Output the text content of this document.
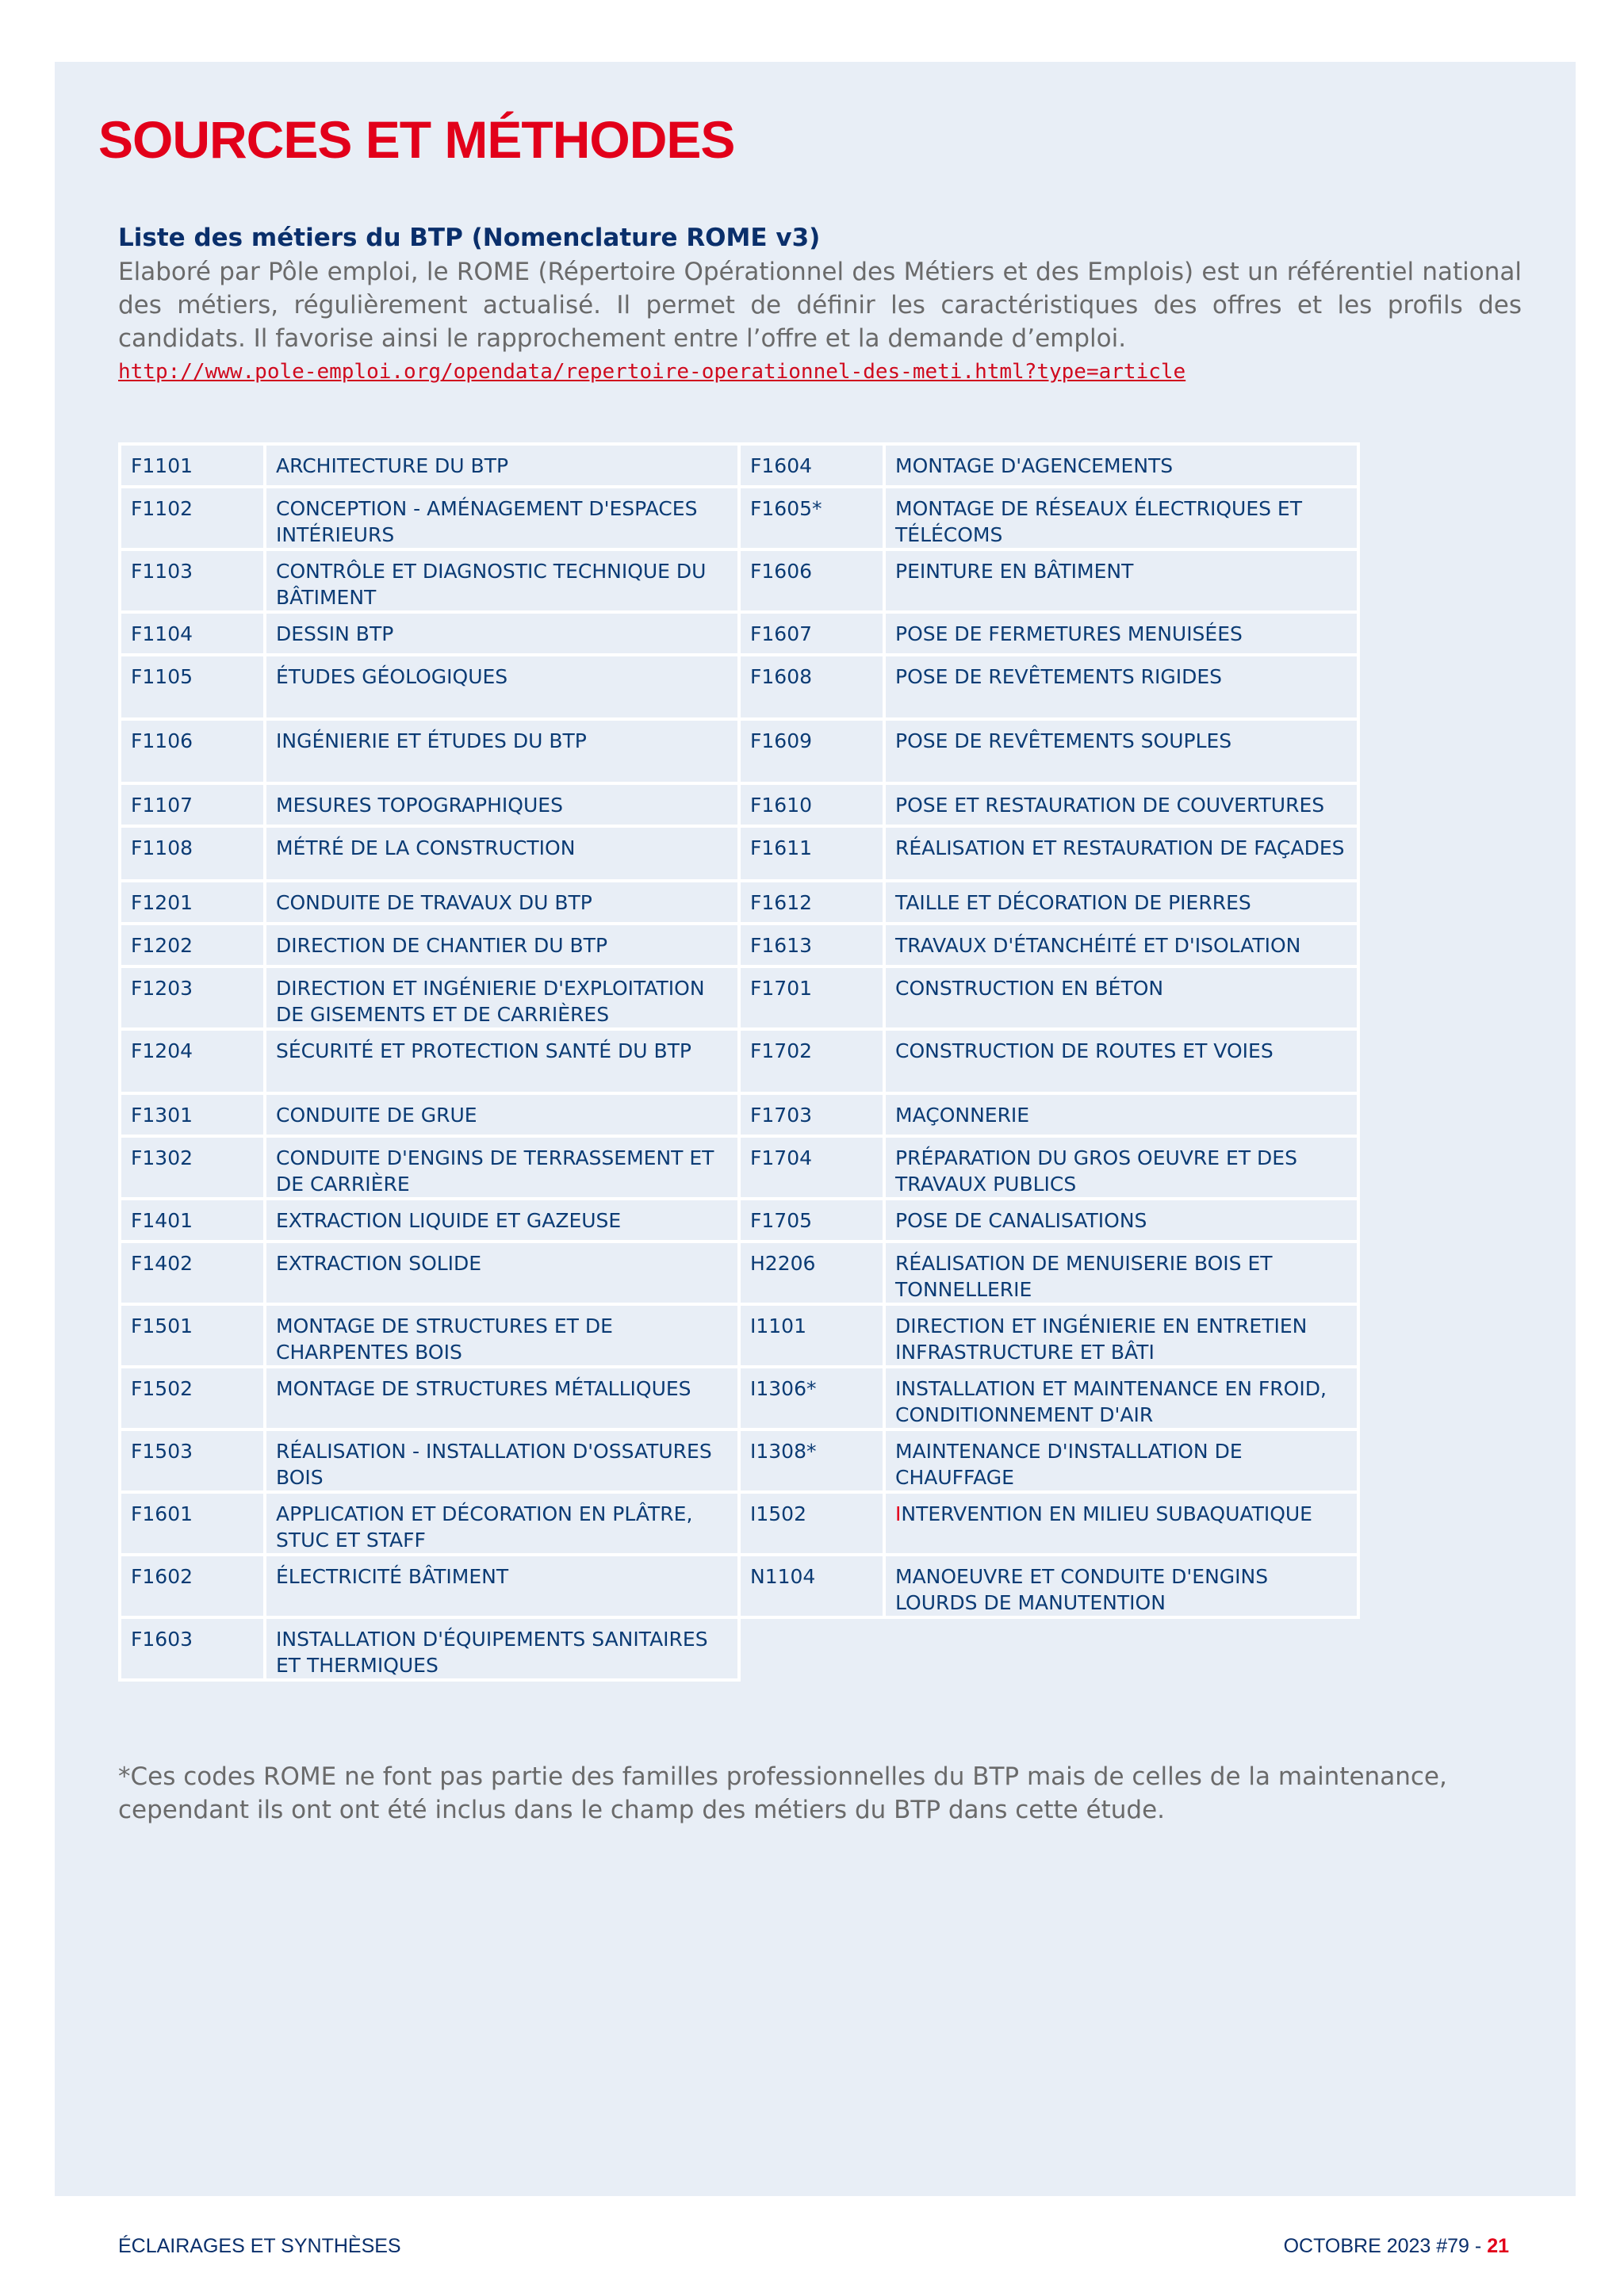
SOURCES ET MÉTHODES
Liste des métiers du BTP (Nomenclature ROME v3)

Elaboré par Pôle emploi, le ROME (Répertoire Opérationnel des Métiers et des Emplois) est un référentiel national des métiers, régulièrement actualisé. Il permet de définir les caractéristiques des offres et les profils des candidats. Il favorise ainsi le rapprochement entre l’offre et la demande d’emploi.

http://www.pole-emploi.org/opendata/repertoire-operationnel-des-meti.html?type=article
F1101	ARCHITECTURE DU BTP	F1604	MONTAGE D'AGENCEMENTS
F1102	CONCEPTION - AMÉNAGEMENT D'ESPACES INTÉRIEURS	F1605*	MONTAGE DE RÉSEAUX ÉLECTRIQUES ET TÉLÉCOMS
F1103	CONTRÔLE ET DIAGNOSTIC TECHNIQUE DU BÂTIMENT	F1606	PEINTURE EN BÂTIMENT
F1104	DESSIN BTP	F1607	POSE DE FERMETURES MENUISÉES
F1105	ÉTUDES GÉOLOGIQUES	F1608	POSE DE REVÊTEMENTS RIGIDES
F1106	INGÉNIERIE ET ÉTUDES DU BTP	F1609	POSE DE REVÊTEMENTS SOUPLES
F1107	MESURES TOPOGRAPHIQUES	F1610	POSE ET RESTAURATION DE COUVERTURES
F1108	MÉTRÉ DE LA CONSTRUCTION	F1611	RÉALISATION ET RESTAURATION DE FAÇADES
F1201	CONDUITE DE TRAVAUX DU BTP	F1612	TAILLE ET DÉCORATION DE PIERRES
F1202	DIRECTION DE CHANTIER DU BTP	F1613	TRAVAUX D'ÉTANCHÉITÉ ET D'ISOLATION
F1203	DIRECTION ET INGÉNIERIE D'EXPLOITATION DE GISEMENTS ET DE CARRIÈRES	F1701	CONSTRUCTION EN BÉTON
F1204	SÉCURITÉ ET PROTECTION SANTÉ DU BTP	F1702	CONSTRUCTION DE ROUTES ET VOIES
F1301	CONDUITE DE GRUE	F1703	MAÇONNERIE
F1302	CONDUITE D'ENGINS DE TERRASSEMENT ET DE CARRIÈRE	F1704	PRÉPARATION DU GROS OEUVRE ET DES TRAVAUX PUBLICS
F1401	EXTRACTION LIQUIDE ET GAZEUSE	F1705	POSE DE CANALISATIONS
F1402	EXTRACTION SOLIDE	H2206	RÉALISATION DE MENUISERIE BOIS ET TONNELLERIE
F1501	MONTAGE DE STRUCTURES ET DE CHARPENTES BOIS	I1101	DIRECTION ET INGÉNIERIE EN ENTRETIEN INFRASTRUCTURE ET BÂTI
F1502	MONTAGE DE STRUCTURES MÉTALLIQUES	I1306*	INSTALLATION ET MAINTENANCE EN FROID, CONDITIONNEMENT D'AIR
F1503	RÉALISATION - INSTALLATION D'OSSATURES BOIS	I1308*	MAINTENANCE D'INSTALLATION DE CHAUFFAGE
F1601	APPLICATION ET DÉCORATION EN PLÂTRE, STUC ET STAFF	I1502	INTERVENTION EN MILIEU SUBAQUATIQUE
F1602	ÉLECTRICITÉ BÂTIMENT	N1104	MANOEUVRE ET CONDUITE D'ENGINS LOURDS DE MANUTENTION
F1603	INSTALLATION D'ÉQUIPEMENTS SANITAIRES ET THERMIQUES		

*Ces codes ROME ne font pas partie des familles professionnelles du BTP mais de celles de la maintenance, cependant ils ont ont été inclus dans le champ des métiers du BTP dans cette étude.

ÉCLAIRAGES ET SYNTHÈSES	OCTOBRE 2023 #79 - 21
